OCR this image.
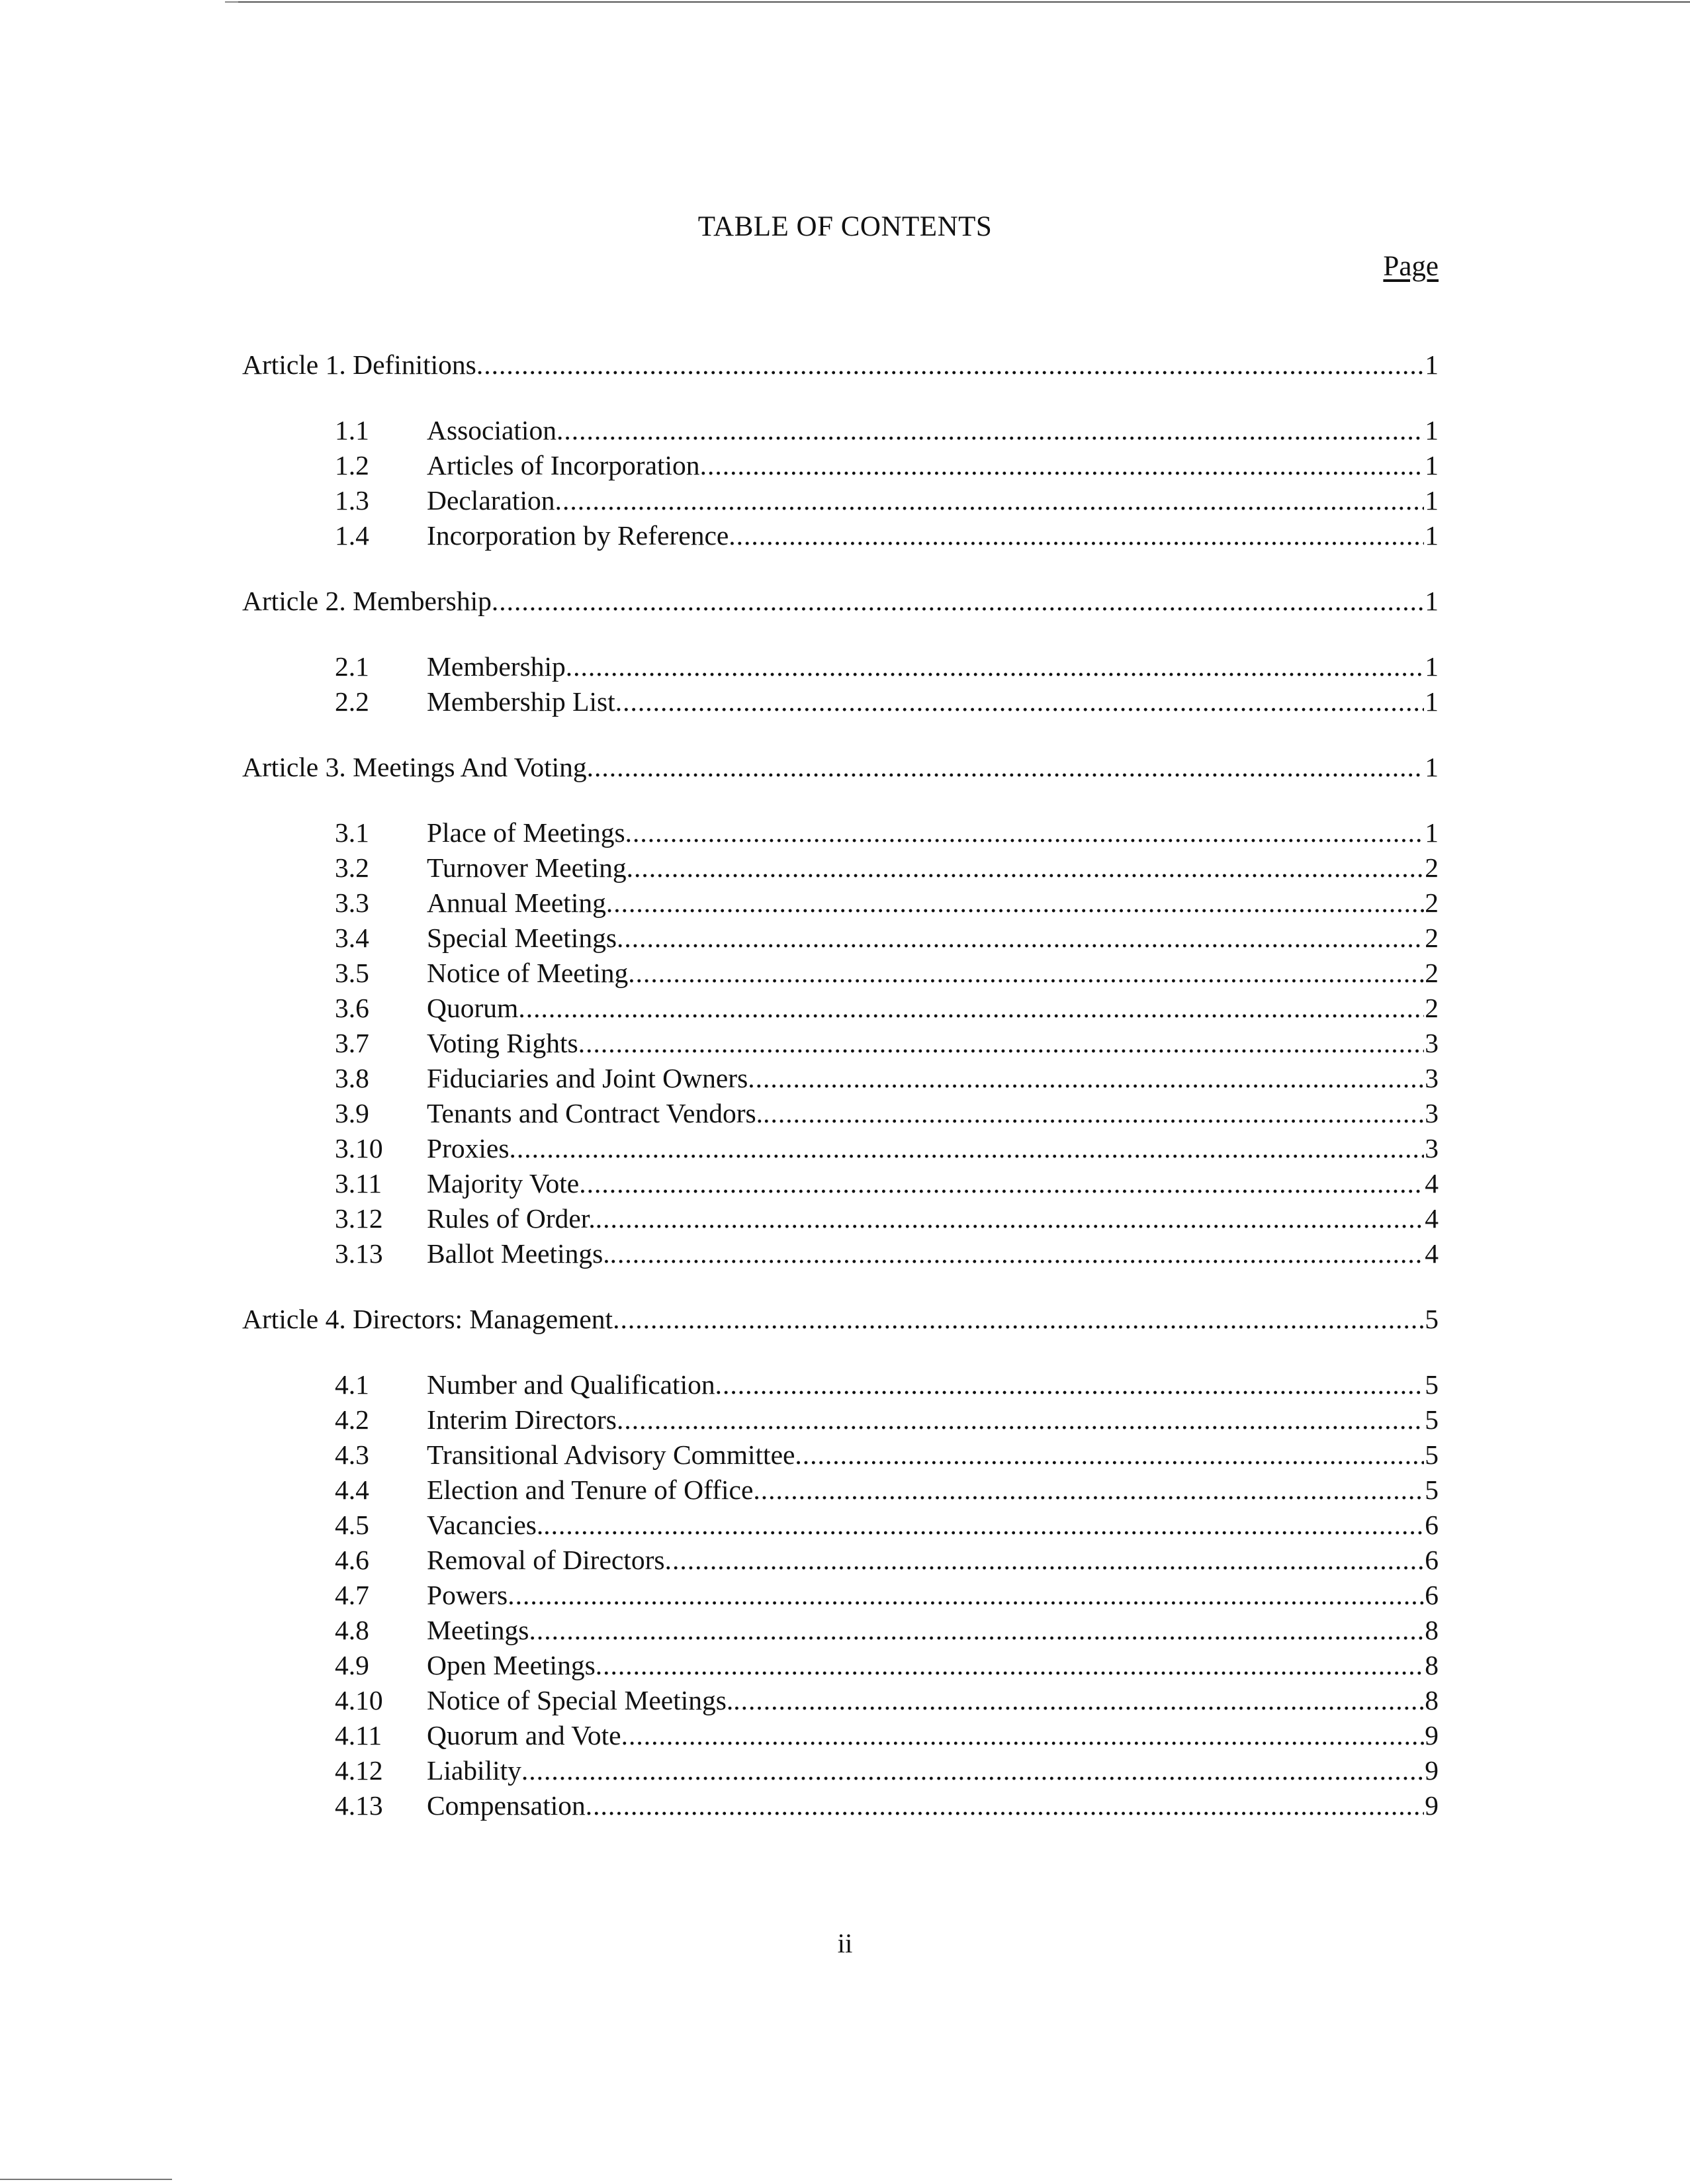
TABLE OF CONTENTS
Page
Article 1. Definitions .....	1
1.1	Association .....	1
1.2	Articles of Incorporation .....	1
1.3	Declaration .....	1
1.4	Incorporation by Reference .....	1
Article 2. Membership .....	1
2.1	Membership .....	1
2.2	Membership List .....	1
Article 3. Meetings And Voting .....	1
3.1	Place of Meetings .....	1
3.2	Turnover Meeting .....	2
3.3	Annual Meeting .....	2
3.4	Special Meetings .....	2
3.5	Notice of Meeting .....	2
3.6	Quorum .....	2
3.7	Voting Rights .....	3
3.8	Fiduciaries and Joint Owners .....	3
3.9	Tenants and Contract Vendors. .....	3
3.10	Proxies .....	3
3.11	Majority Vote .....	4
3.12	Rules of Order. .....	4
3.13	Ballot Meetings. .....	4
Article 4. Directors: Management .....	5
4.1	Number and Qualification .....	5
4.2	Interim Directors .....	5
4.3	Transitional Advisory Committee .....	5
4.4	Election and Tenure of Office .....	5
4.5	Vacancies. .....	6
4.6	Removal of Directors .....	6
4.7	Powers .....	6
4.8	Meetings .....	8
4.9	Open Meetings .....	8
4.10	Notice of Special Meetings. .....	8
4.11	Quorum and Vote .....	9
4.12	Liability .....	9
4.13	Compensation .....	9
ii
